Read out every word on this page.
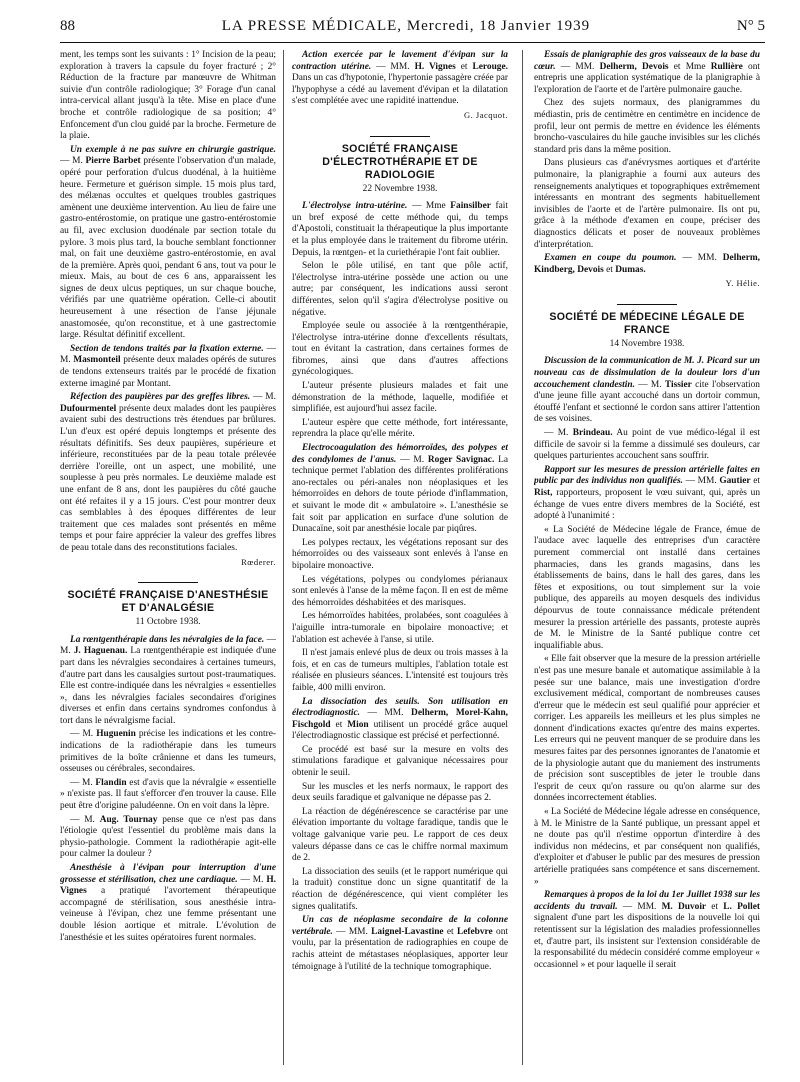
88	LA PRESSE MÉDICALE, Mercredi, 18 Janvier 1939	N° 5

ment, les temps sont les suivants : 1° Incision de la peau; exploration à travers la capsule du foyer fracturé ; 2° Réduction de la fracture par manœuvre de Whitman suivie d'un contrôle radiologique; 3° Forage d'un canal intra-cervical allant jusqu'à la tête. Mise en place d'une broche et contrôle radiologique de sa position; 4° Enfoncement d'un clou guidé par la broche. Fermeture de la plaie.

Un exemple à ne pas suivre en chirurgie gastrique. — M. Pierre Barbet présente l'observation d'un malade, opéré pour perforation d'ulcus duodénal, à la huitième heure. Fermeture et guérison simple. 15 mois plus tard, des mélænas occultes et quelques troubles gastriques amènent une deuxième intervention. Au lieu de faire une gastro-entérostomie, on pratique une gastro-entérostomie au fil, avec exclusion duodénale par section totale du pylore. 3 mois plus tard, la bouche semblant fonctionner mal, on fait une deuxième gastro-entérostomie, en aval de la première. Après quoi, pendant 6 ans, tout va pour le mieux. Mais, au bout de ces 6 ans, apparaissent les signes de deux ulcus peptiques, un sur chaque bouche, vérifiés par une quatrième opération. Celle-ci aboutit heureusement à une résection de l'anse jéjunale anastomosée, qu'on reconstitue, et à une gastrectomie large. Résultat définitif excellent.

Section de tendons traités par la fixation externe. — M. Masmonteil présente deux malades opérés de sutures de tendons extenseurs traités par le procédé de fixation externe imaginé par Montant.

Réfection des paupières par des greffes libres. — M. Dufourmentel présente deux malades dont les paupières avaient subi des destructions très étendues par brûlures. L'un d'eux est opéré depuis longtemps et présente des résultats définitifs. Ses deux paupières, supérieure et inférieure, reconstituées par de la peau totale prélevée derrière l'oreille, ont un aspect, une mobilité, une souplesse à peu près normales. Le deuxième malade est une enfant de 8 ans, dont les paupières du côté gauche ont été refaites il y a 15 jours. C'est pour montrer deux cas semblables à des époques différentes de leur traitement que ces malades sont présentés en même temps et pour faire apprécier la valeur des greffes libres de peau totale dans des reconstitutions faciales.

Rœderer.

SOCIÉTÉ FRANÇAISE D'ANESTHÉSIE ET D'ANALGÉSIE

11 Octobre 1938.

La rœntgenthérapie dans les névralgies de la face. — M. J. Haguenau. La rœntgenthérapie est indiquée d'une part dans les névralgies secondaires à certaines tumeurs, d'autre part dans les causalgies surtout post-traumatiques. Elle est contre-indiquée dans les névralgies « essentielles », dans les névralgies faciales secondaires d'origines diverses et enfin dans certains syndromes confondus à tort dans le névralgisme facial.

— M. Huguenin précise les indications et les contre-indications de la radiothérapie dans les tumeurs primitives de la boîte crânienne et dans les tumeurs, osseuses ou cérébrales, secondaires.

— M. Flandin est d'avis que la névralgie « essentielle » n'existe pas. Il faut s'efforcer d'en trouver la cause. Elle peut être d'origine paludéenne. On en voit dans la lèpre.

— M. Aug. Tournay pense que ce n'est pas dans l'étiologie qu'est l'essentiel du problème mais dans la physio-pathologie. Comment la radiothérapie agit-elle pour calmer la douleur ?

Anesthésie à l'évipan pour interruption d'une grossesse et stérilisation, chez une cardiaque. — M. H. Vignes a pratiqué l'avortement thérapeutique accompagné de stérilisation, sous anesthésie intra-veineuse à l'évipan, chez une femme présentant une double lésion aortique et mitrale. L'évolution de l'anesthésie et les suites opératoires furent normales.

Action exercée par le lavement d'évipan sur la contraction utérine. — MM. H. Vignes et Lerouge. Dans un cas d'hypotonie, l'hypertonie passagère créée par l'hypophyse a cédé au lavement d'évipan et la dilatation s'est complétée avec une rapidité inattendue.

G. Jacquot.

SOCIÉTÉ FRANÇAISE D'ÉLECTROTHÉRAPIE ET DE RADIOLOGIE

22 Novembre 1938.

L'électrolyse intra-utérine. — Mme Fainsilber fait un bref exposé de cette méthode qui, du temps d'Apostoli, constituait la thérapeutique la plus importante et la plus employée dans le traitement du fibrome utérin. Depuis, la rœntgen- et la curiethérapie l'ont fait oublier.

Selon le pôle utilisé, en tant que pôle actif, l'électrolyse intra-utérine possède une action ou une autre; par conséquent, les indications aussi seront différentes, selon qu'il s'agira d'électrolyse positive ou négative.

Employée seule ou associée à la rœntgenthérapie, l'électrolyse intra-utérine donne d'excellents résultats, tout en évitant la castration, dans certaines formes de fibromes, ainsi que dans d'autres affections gynécologiques.

L'auteur présente plusieurs malades et fait une démonstration de la méthode, laquelle, modifiée et simplifiée, est aujourd'hui assez facile.

L'auteur espère que cette méthode, fort intéressante, reprendra la place qu'elle mérite.

Electrocoagulation des hémorroïdes, des polypes et des condylomes de l'anus. — M. Roger Savignac. La technique permet l'ablation des différentes proliférations ano-rectales ou péri-anales non néoplasiques et les hémorroïdes en dehors de toute période d'inflammation, et suivant le mode dit « ambulatoire ». L'anesthésie se fait soit par application en surface d'une solution de Dunacaïne, soit par anesthésie locale par piqûres.

Les polypes rectaux, les végétations reposant sur des hémorroïdes ou des vaisseaux sont enlevés à l'anse en bipolaire monoactive.

Les végétations, polypes ou condylomes périanaux sont enlevés à l'anse de la même façon. Il en est de même des hémorroïdes déshabitées et des marisques.

Les hémorroïdes habitées, prolabées, sont coagulées à l'aiguille intra-tumorale en bipolaire monoactive; et l'ablation est achevée à l'anse, si utile.

Il n'est jamais enlevé plus de deux ou trois masses à la fois, et en cas de tumeurs multiples, l'ablation totale est réalisée en plusieurs séances. L'intensité est toujours très faible, 400 milli environ.

La dissociation des seuils. Son utilisation en électrodiagnostic. — MM. Delherm, Morel-Kahn, Fischgold et Mion utilisent un procédé grâce auquel l'électrodiagnostic classique est précisé et perfectionné.

Ce procédé est basé sur la mesure en volts des stimulations faradique et galvanique nécessaires pour obtenir le seuil.

Sur les muscles et les nerfs normaux, le rapport des deux seuils faradique et galvanique ne dépasse pas 2.

La réaction de dégénérescence se caractérise par une élévation importante du voltage faradique, tandis que le voltage galvanique varie peu. Le rapport de ces deux valeurs dépasse dans ce cas le chiffre normal maximum de 2.

La dissociation des seuils (et le rapport numérique qui la traduit) constitue donc un signe quantitatif de la réaction de dégénérescence, qui vient compléter les signes qualitatifs.

Un cas de néoplasme secondaire de la colonne vertébrale. — MM. Laignel-Lavastine et Lefebvre ont voulu, par la présentation de radiographies en coupe de rachis atteint de métastases néoplasiques, apporter leur témoignage à l'utilité de la technique tomographique.

Essais de planigraphie des gros vaisseaux de la base du cœur. — MM. Delherm, Devois et Mme Rullière ont entrepris une application systématique de la planigraphie à l'exploration de l'aorte et de l'artère pulmonaire gauche.

Chez des sujets normaux, des planigrammes du médiastin, pris de centimètre en centimètre en incidence de profil, leur ont permis de mettre en évidence les éléments broncho-vasculaires du hile gauche invisibles sur les clichés standard pris dans la même position.

Dans plusieurs cas d'anévrysmes aortiques et d'artérite pulmonaire, la planigraphie a fourni aux auteurs des renseignements analytiques et topographiques extrêmement intéressants en montrant des segments habituellement invisibles de l'aorte et de l'artère pulmonaire. Ils ont pu, grâce à la méthode d'examen en coupe, préciser des diagnostics délicats et poser de nouveaux problèmes d'interprétation.

Examen en coupe du poumon. — MM. Delherm, Kindberg, Devois et Dumas.

Y. Hélie.

SOCIÉTÉ DE MÉDECINE LÉGALE DE FRANCE

14 Novembre 1938.

Discussion de la communication de M. J. Picard sur un nouveau cas de dissimulation de la douleur lors d'un accouchement clandestin. — M. Tissier cite l'observation d'une jeune fille ayant accouché dans un dortoir commun, étouffé l'enfant et sectionné le cordon sans attirer l'attention de ses voisines.

— M. Brindeau. Au point de vue médico-légal il est difficile de savoir si la femme a dissimulé ses douleurs, car quelques parturientes accouchent sans souffrir.

Rapport sur les mesures de pression artérielle faites en public par des individus non qualifiés. — MM. Gautier et Rist, rapporteurs, proposent le vœu suivant, qui, après un échange de vues entre divers membres de la Société, est adopté à l'unanimité :

« La Société de Médecine légale de France, émue de l'audace avec laquelle des entreprises d'un caractère purement commercial ont installé dans certaines pharmacies, dans les grands magasins, dans les établissements de bains, dans le hall des gares, dans les fêtes et expositions, ou tout simplement sur la voie publique, des appareils au moyen desquels des individus dépourvus de toute connaissance médicale prétendent mesurer la pression artérielle des passants, proteste auprès de M. le Ministre de la Santé publique contre cet inqualifiable abus.

« Elle fait observer que la mesure de la pression artérielle n'est pas une mesure banale et automatique assimilable à la pesée sur une balance, mais une investigation d'ordre exclusivement médical, comportant de nombreuses causes d'erreur que le médecin est seul qualifié pour apprécier et corriger. Les appareils les meilleurs et les plus simples ne donnent d'indications exactes qu'entre des mains expertes. Les erreurs qui ne peuvent manquer de se produire dans les mesures faites par des personnes ignorantes de l'anatomie et de la physiologie autant que du maniement des instruments de précision sont susceptibles de jeter le trouble dans l'esprit de ceux qu'on rassure ou qu'on alarme sur des données incorrectement établies.

« La Société de Médecine légale adresse en conséquence, à M. le Ministre de la Santé publique, un pressant appel et ne doute pas qu'il n'estime opportun d'interdire à des individus non médecins, et par conséquent non qualifiés, d'exploiter et d'abuser le public par des mesures de pression artérielle pratiquées sans compétence et sans discernement. »

Remarques à propos de la loi du 1er Juillet 1938 sur les accidents du travail. — MM. M. Duvoir et L. Pollet signalent d'une part les dispositions de la nouvelle loi qui retentissent sur la législation des maladies professionnelles et, d'autre part, ils insistent sur l'extension considérable de la responsabilité du médecin considéré comme employeur « occasionnel » et pour laquelle il serait
